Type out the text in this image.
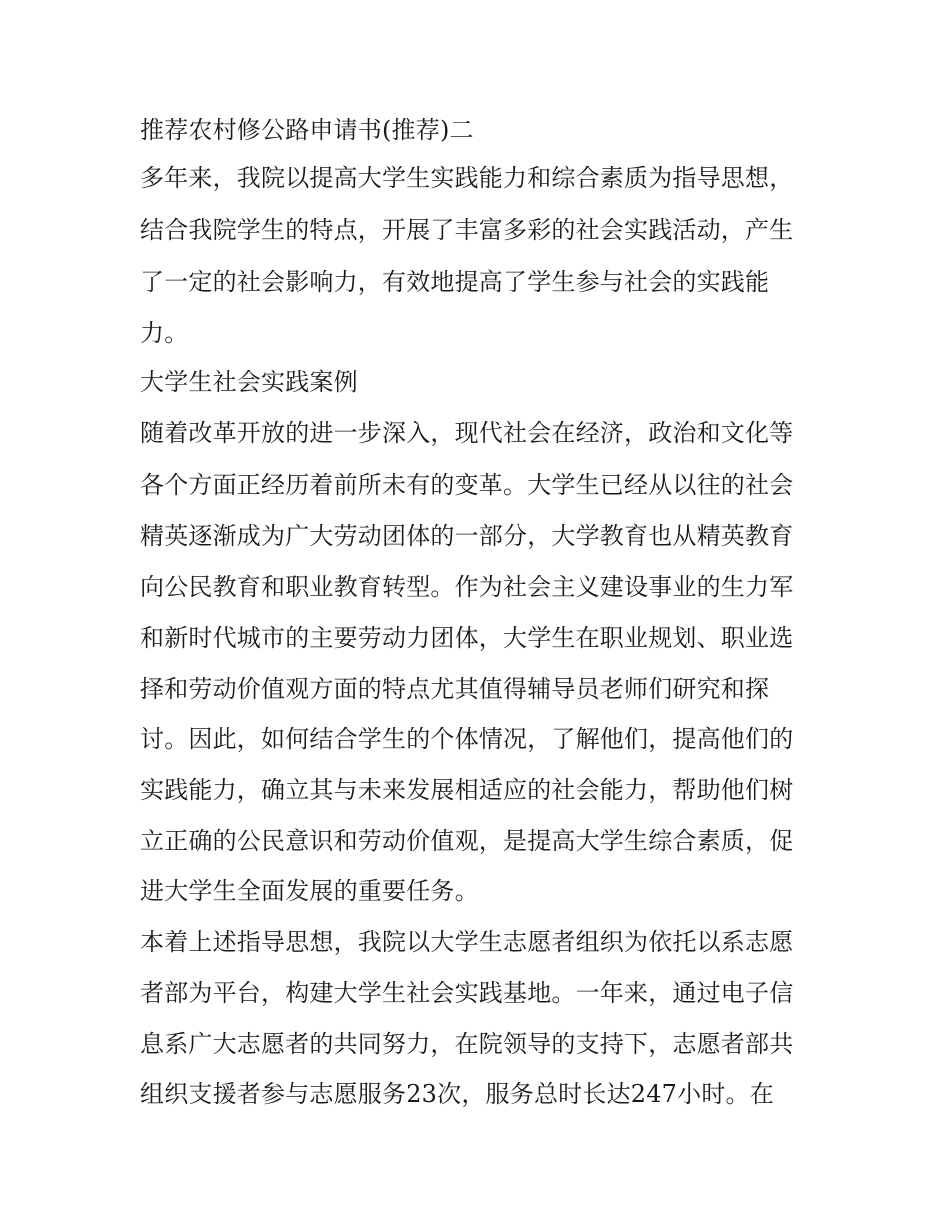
推荐农村修公路申请书(推荐)二
多年来，我院以提高大学生实践能力和综合素质为指导思想，
结合我院学生的特点，开展了丰富多彩的社会实践活动，产生
了一定的社会影响力，有效地提高了学生参与社会的实践能
力。
大学生社会实践案例
随着改革开放的进一步深入，现代社会在经济，政治和文化等
各个方面正经历着前所未有的变革。大学生已经从以往的社会
精英逐渐成为广大劳动团体的一部分，大学教育也从精英教育
向公民教育和职业教育转型。作为社会主义建设事业的生力军
和新时代城市的主要劳动力团体，大学生在职业规划、职业选
择和劳动价值观方面的特点尤其值得辅导员老师们研究和探
讨。因此，如何结合学生的个体情况，了解他们，提高他们的
实践能力，确立其与未来发展相适应的社会能力，帮助他们树
立正确的公民意识和劳动价值观，是提高大学生综合素质，促
进大学生全面发展的重要任务。
本着上述指导思想，我院以大学生志愿者组织为依托以系志愿
者部为平台，构建大学生社会实践基地。一年来，通过电子信
息系广大志愿者的共同努力，在院领导的支持下，志愿者部共
组织支援者参与志愿服务23次，服务总时长达247小时。在
